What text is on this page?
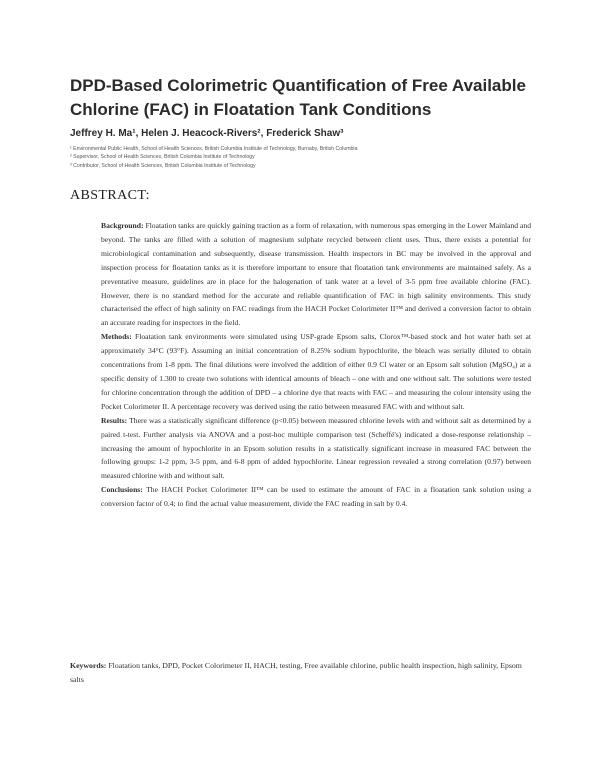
DPD-Based Colorimetric Quantification of Free Available Chlorine (FAC) in Floatation Tank Conditions
Jeffrey H. Ma¹, Helen J. Heacock-Rivers², Frederick Shaw³
¹ Environmental Public Health, School of Health Sciences, British Columbia Institute of Technology, Burnaby, British Columbia
² Supervisor, School of Health Sciences, British Columbia Institute of Technology
³ Contributor, School of Health Sciences, British Columbia Institute of Technology
ABSTRACT:

Background: Floatation tanks are quickly gaining traction as a form of relaxation, with numerous spas emerging in the Lower Mainland and beyond. The tanks are filled with a solution of magnesium sulphate recycled between client uses. Thus, there exists a potential for microbiological contamination and subsequently, disease transmission. Health inspectors in BC may be involved in the approval and inspection process for floatation tanks as it is therefore important to ensure that floatation tank environments are maintained safely. As a preventative measure, guidelines are in place for the halogenation of tank water at a level of 3-5 ppm free available chlorine (FAC). However, there is no standard method for the accurate and reliable quantification of FAC in high salinity environments. This study characterised the effect of high salinity on FAC readings from the HACH Pocket Colorimeter II™ and derived a conversion factor to obtain an accurate reading for inspectors in the field.

Methods: Floatation tank environments were simulated using USP-grade Epsom salts, Clorox™-based stock and hot water bath set at approximately 34°C (93°F). Assuming an initial concentration of 8.25% sodium hypochlorite, the bleach was serially diluted to obtain concentrations from 1-8 ppm. The final dilutions were involved the addition of either 0.9 Cl water or an Epsom salt solution (MgSO₄) at a specific density of 1.300 to create two solutions with identical amounts of bleach – one with and one without salt. The solutions were tested for chlorine concentration through the addition of DPD – a chlorine dye that reacts with FAC – and measuring the colour intensity using the Pocket Colorimeter II. A percentage recovery was derived using the ratio between measured FAC with and without salt.

Results: There was a statistically significant difference (p<0.05) between measured chlorine levels with and without salt as determined by a paired t-test. Further analysis via ANOVA and a post-hoc multiple comparison test (Scheffé's) indicated a dose-response relationship – increasing the amount of hypochlorite in an Epsom solution results in a statistically significant increase in measured FAC between the following groups: 1-2 ppm, 3-5 ppm, and 6-8 ppm of added hypochlorite. Linear regression revealed a strong correlation (0.97) between measured chlorine with and without salt.

Conclusions: The HACH Pocket Colorimeter II™ can be used to estimate the amount of FAC in a floatation tank solution using a conversion factor of 0.4; to find the actual value measurement, divide the FAC reading in salt by 0.4.

Keywords: Floatation tanks, DPD, Pocket Colorimeter II, HACH, testing, Free available chlorine, public health inspection, high salinity, Epsom salts
